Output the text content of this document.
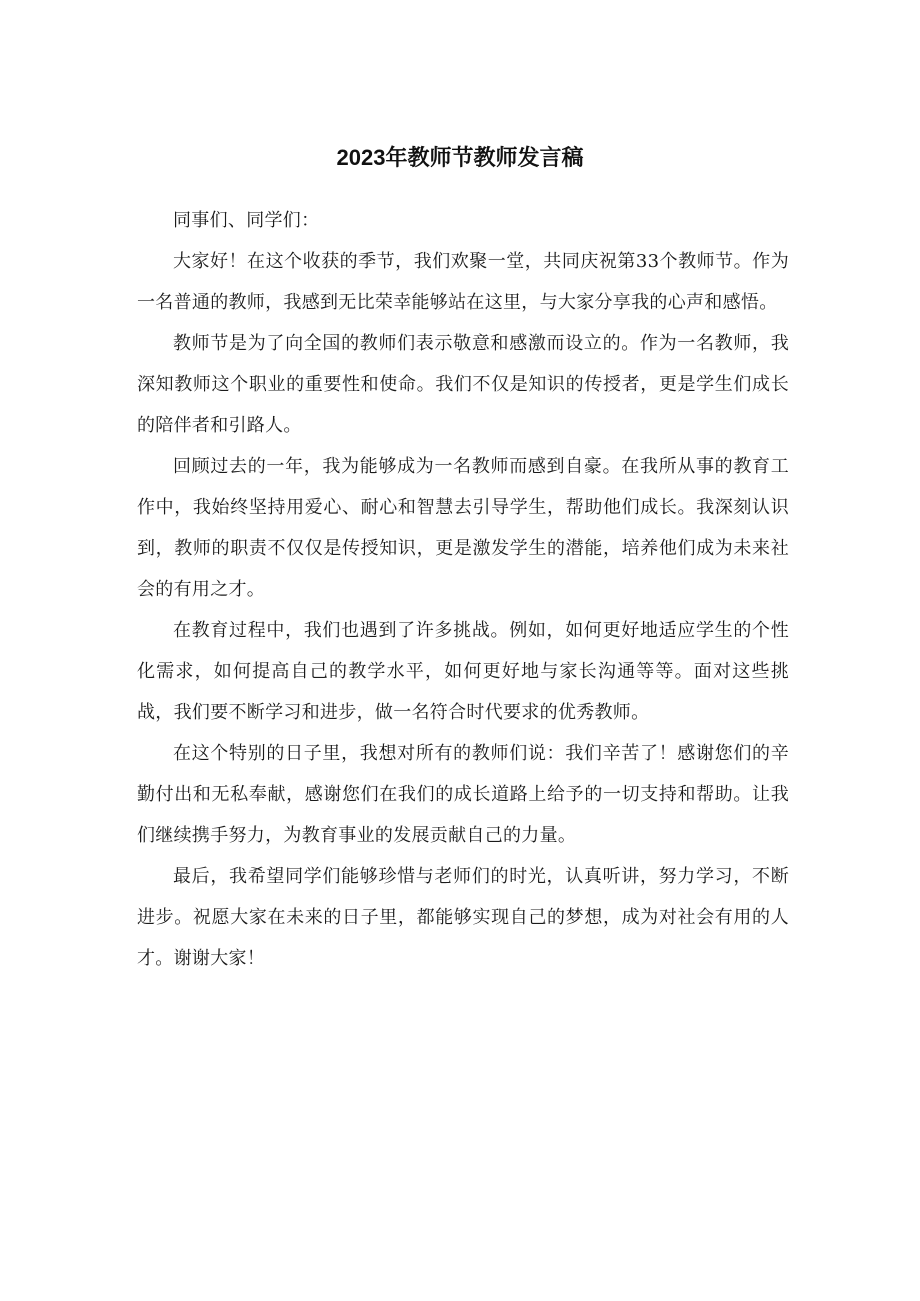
2023年教师节教师发言稿

同事们、同学们：

大家好！在这个收获的季节，我们欢聚一堂，共同庆祝第33个教师节。作为一名普通的教师，我感到无比荣幸能够站在这里，与大家分享我的心声和感悟。

教师节是为了向全国的教师们表示敬意和感激而设立的。作为一名教师，我深知教师这个职业的重要性和使命。我们不仅是知识的传授者，更是学生们成长的陪伴者和引路人。

回顾过去的一年，我为能够成为一名教师而感到自豪。在我所从事的教育工作中，我始终坚持用爱心、耐心和智慧去引导学生，帮助他们成长。我深刻认识到，教师的职责不仅仅是传授知识，更是激发学生的潜能，培养他们成为未来社会的有用之才。

在教育过程中，我们也遇到了许多挑战。例如，如何更好地适应学生的个性化需求，如何提高自己的教学水平，如何更好地与家长沟通等等。面对这些挑战，我们要不断学习和进步，做一名符合时代要求的优秀教师。

在这个特别的日子里，我想对所有的教师们说：我们辛苦了！感谢您们的辛勤付出和无私奉献，感谢您们在我们的成长道路上给予的一切支持和帮助。让我们继续携手努力，为教育事业的发展贡献自己的力量。

最后，我希望同学们能够珍惜与老师们的时光，认真听讲，努力学习，不断进步。祝愿大家在未来的日子里，都能够实现自己的梦想，成为对社会有用的人才。谢谢大家！
